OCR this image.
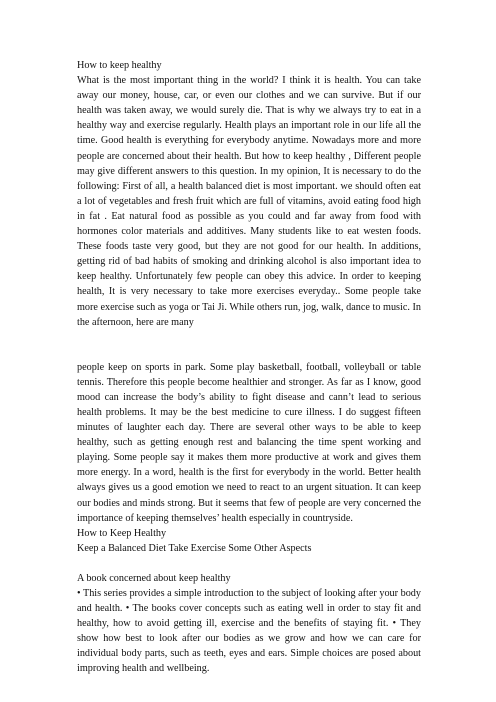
How to keep healthy

What is the most important thing in the world? I think it is health. You can take away our money, house, car, or even our clothes and we can survive. But if our health was taken away, we would surely die. That is why we always try to eat in a healthy way and exercise regularly. Health plays an important role in our life all the time. Good health is everything for everybody anytime. Nowadays more and more people are concerned about their health. But how to keep healthy , Different people may give different answers to this question. In my opinion, It is necessary to do the following: First of all, a health balanced diet is most important. we should often eat a lot of vegetables and fresh fruit which are full of vitamins, avoid eating food high in fat . Eat natural food as possible as you could and far away from food with hormones color materials and additives. Many students like to eat westen foods. These foods taste very good, but they are not good for our health. In additions, getting rid of bad habits of smoking and drinking alcohol is also important idea to keep healthy. Unfortunately few people can obey this advice. In order to keeping health, It is very necessary to take more exercises everyday.. Some people take more exercise such as yoga or Tai Ji. While others run, jog, walk, dance to music. In the afternoon, here are many

people keep on sports in park. Some play basketball, football, volleyball or table tennis. Therefore this people become healthier and stronger. As far as I know, good mood can increase the body’s ability to fight disease and cann’t lead to serious health problems. It may be the best medicine to cure illness. I do suggest fifteen minutes of laughter each day. There are several other ways to be able to keep healthy, such as getting enough rest and balancing the time spent working and playing. Some people say it makes them more productive at work and gives them more energy. In a word, health is the first for everybody in the world. Better health always gives us a good emotion we need to react to an urgent situation. It can keep our bodies and minds strong. But it seems that few of people are very concerned the importance of keeping themselves’ health especially in countryside.

How to Keep Healthy

Keep a Balanced Diet Take Exercise Some Other Aspects

A book concerned about keep healthy

• This series provides a simple introduction to the subject of looking after your body and health. • The books cover concepts such as eating well in order to stay fit and healthy, how to avoid getting ill, exercise and the benefits of staying fit. • They show how best to look after our bodies as we grow and how we can care for individual body parts, such as teeth, eyes and ears. Simple choices are posed about improving health and wellbeing.
